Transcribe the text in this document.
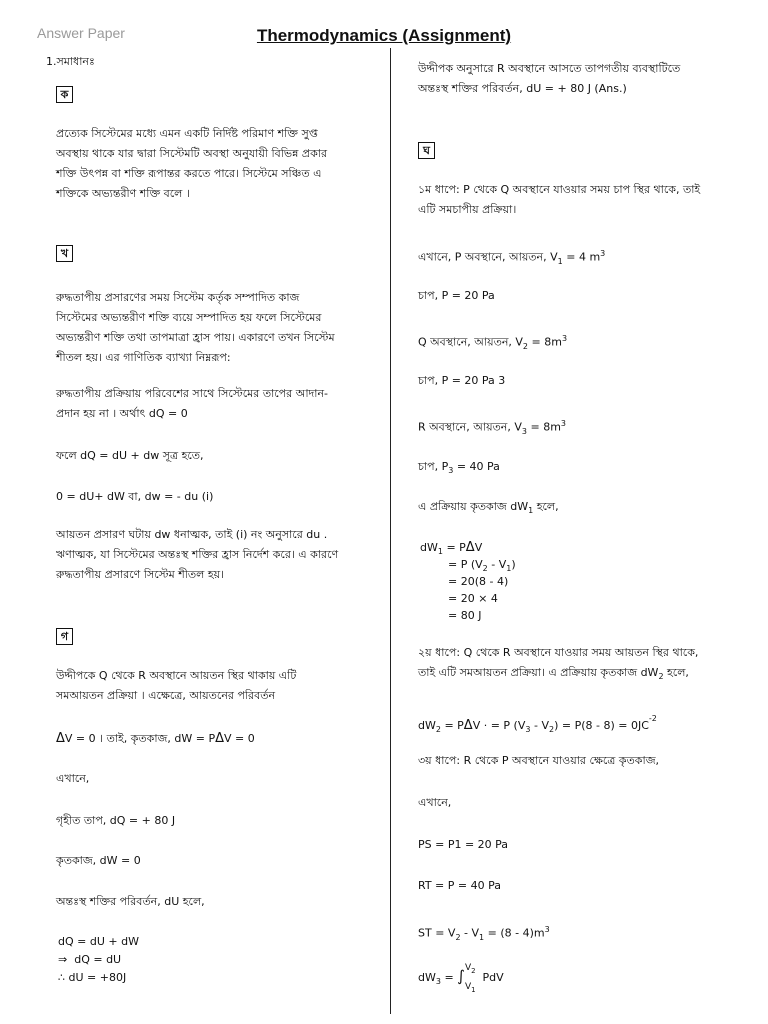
Answer Paper	Thermodynamics (Assignment)
1.সমাধানঃ
ক
প্রত্যেক সিস্টেমের মধ্যে এমন একটি নির্দিষ্ট পরিমাণ শক্তি সুপ্ত
অবস্থায় থাকে যার দ্বারা সিস্টেমটি অবস্থা অনুযায়ী বিভিন্ন প্রকার
শক্তি উৎপন্ন বা শক্তি রূপান্তর করতে পারে। সিস্টেমে সঞ্চিত এ
শক্তিকে অভ্যন্তরীণ শক্তি বলে ।
খ
রুদ্ধতাপীয় প্রসারণের সময় সিস্টেম কর্তৃক সম্পাদিত কাজ
সিস্টেমের অভ্যন্তরীণ শক্তি ব্যয়ে সম্পাদিত হয় ফলে সিস্টেমের
অভ্যন্তরীণ শক্তি তথা তাপমাত্রা হ্রাস পায়। একারণে তখন সিস্টেম
শীতল হয়। এর গাণিতিক ব্যাখ্যা নিম্নরূপ:
রুদ্ধতাপীয় প্রক্রিয়ায় পরিবেশের সাথে সিস্টেমের তাপের আদান-
প্রদান হয় না । অর্থাৎ dQ = 0
ফলে dQ = dU + dw সূত্র হতে,
0 = dU+ dW বা, dw = - du (i)
আয়তন প্রসারণ ঘটায় dw ধনাত্মক, তাই (i) নং অনুসারে du .
ঋণাত্মক, যা সিস্টেমের অন্তঃস্থ শক্তির হ্রাস নির্দেশ করে। এ কারণে
রুদ্ধতাপীয় প্রসারণে সিস্টেম শীতল হয়।
গ
উদ্দীপকে Q থেকে R অবস্থানে আয়তন স্থির থাকায় এটি
সমআয়তন প্রক্রিয়া । এক্ষেত্রে, আয়তনের পরিবর্তন
ΔV = 0 । তাই, কৃতকাজ, dW = PΔV = 0
এখানে,
গৃহীত তাপ, dQ = + 80 J
কৃতকাজ, dW = 0
অন্তঃস্থ শক্তির পরিবর্তন, dU হলে,
dQ = dU + dW
⇒ dQ = dU
∴ dU = +80J
উদ্দীপক অনুসারে R অবস্থানে আসতে তাপগতীয় ব্যবস্থাটিতে
অন্তঃস্থ শক্তির পরিবর্তন, dU = + 80 J (Ans.)
ঘ
১ম ধাপে: P থেকে Q অবস্থানে যাওয়ার সময় চাপ স্থির থাকে, তাই
এটি সমচাপীয় প্রক্রিয়া।
এখানে, P অবস্থানে, আয়তন, $V_1 = 4$ $m^3$
চাপ, P = 20 Pa
Q অবস্থানে, আয়তন, $V_2 = 8m^3$
চাপ, P = 20 Pa 3
R অবস্থানে, আয়তন, $V_3 = 8m^3$
চাপ, $P_3 = 40$ Pa
এ প্রক্রিয়ায় কৃতকাজ $dW_1$ হলে,
$dW_1 = P\Delta V$
= P $(V_2 - V_1)$
= 20(8 - 4)
= 20 × 4
= 80 J
২য় ধাপে: Q থেকে R অবস্থানে যাওয়ার সময় আয়তন স্থির থাকে,
তাই এটি সমআয়তন প্রক্রিয়া। এ প্রক্রিয়ায় কৃতকাজ $dW_2$ হলে,
$dW_2 = P\Delta V$ · = P $(V_3 - V_2) = P(8 - 8) = 0JC^{-2}$
৩য় ধাপে: R থেকে P অবস্থানে যাওয়ার ক্ষেত্রে কৃতকাজ,
এখানে,
PS = P1 = 20 Pa
RT = P = 40 Pa
ST = $V_2 - V_1 = (8 - 4)m^3$
$dW_3$ = ∫ $V_2$
$V_1$
PdV
